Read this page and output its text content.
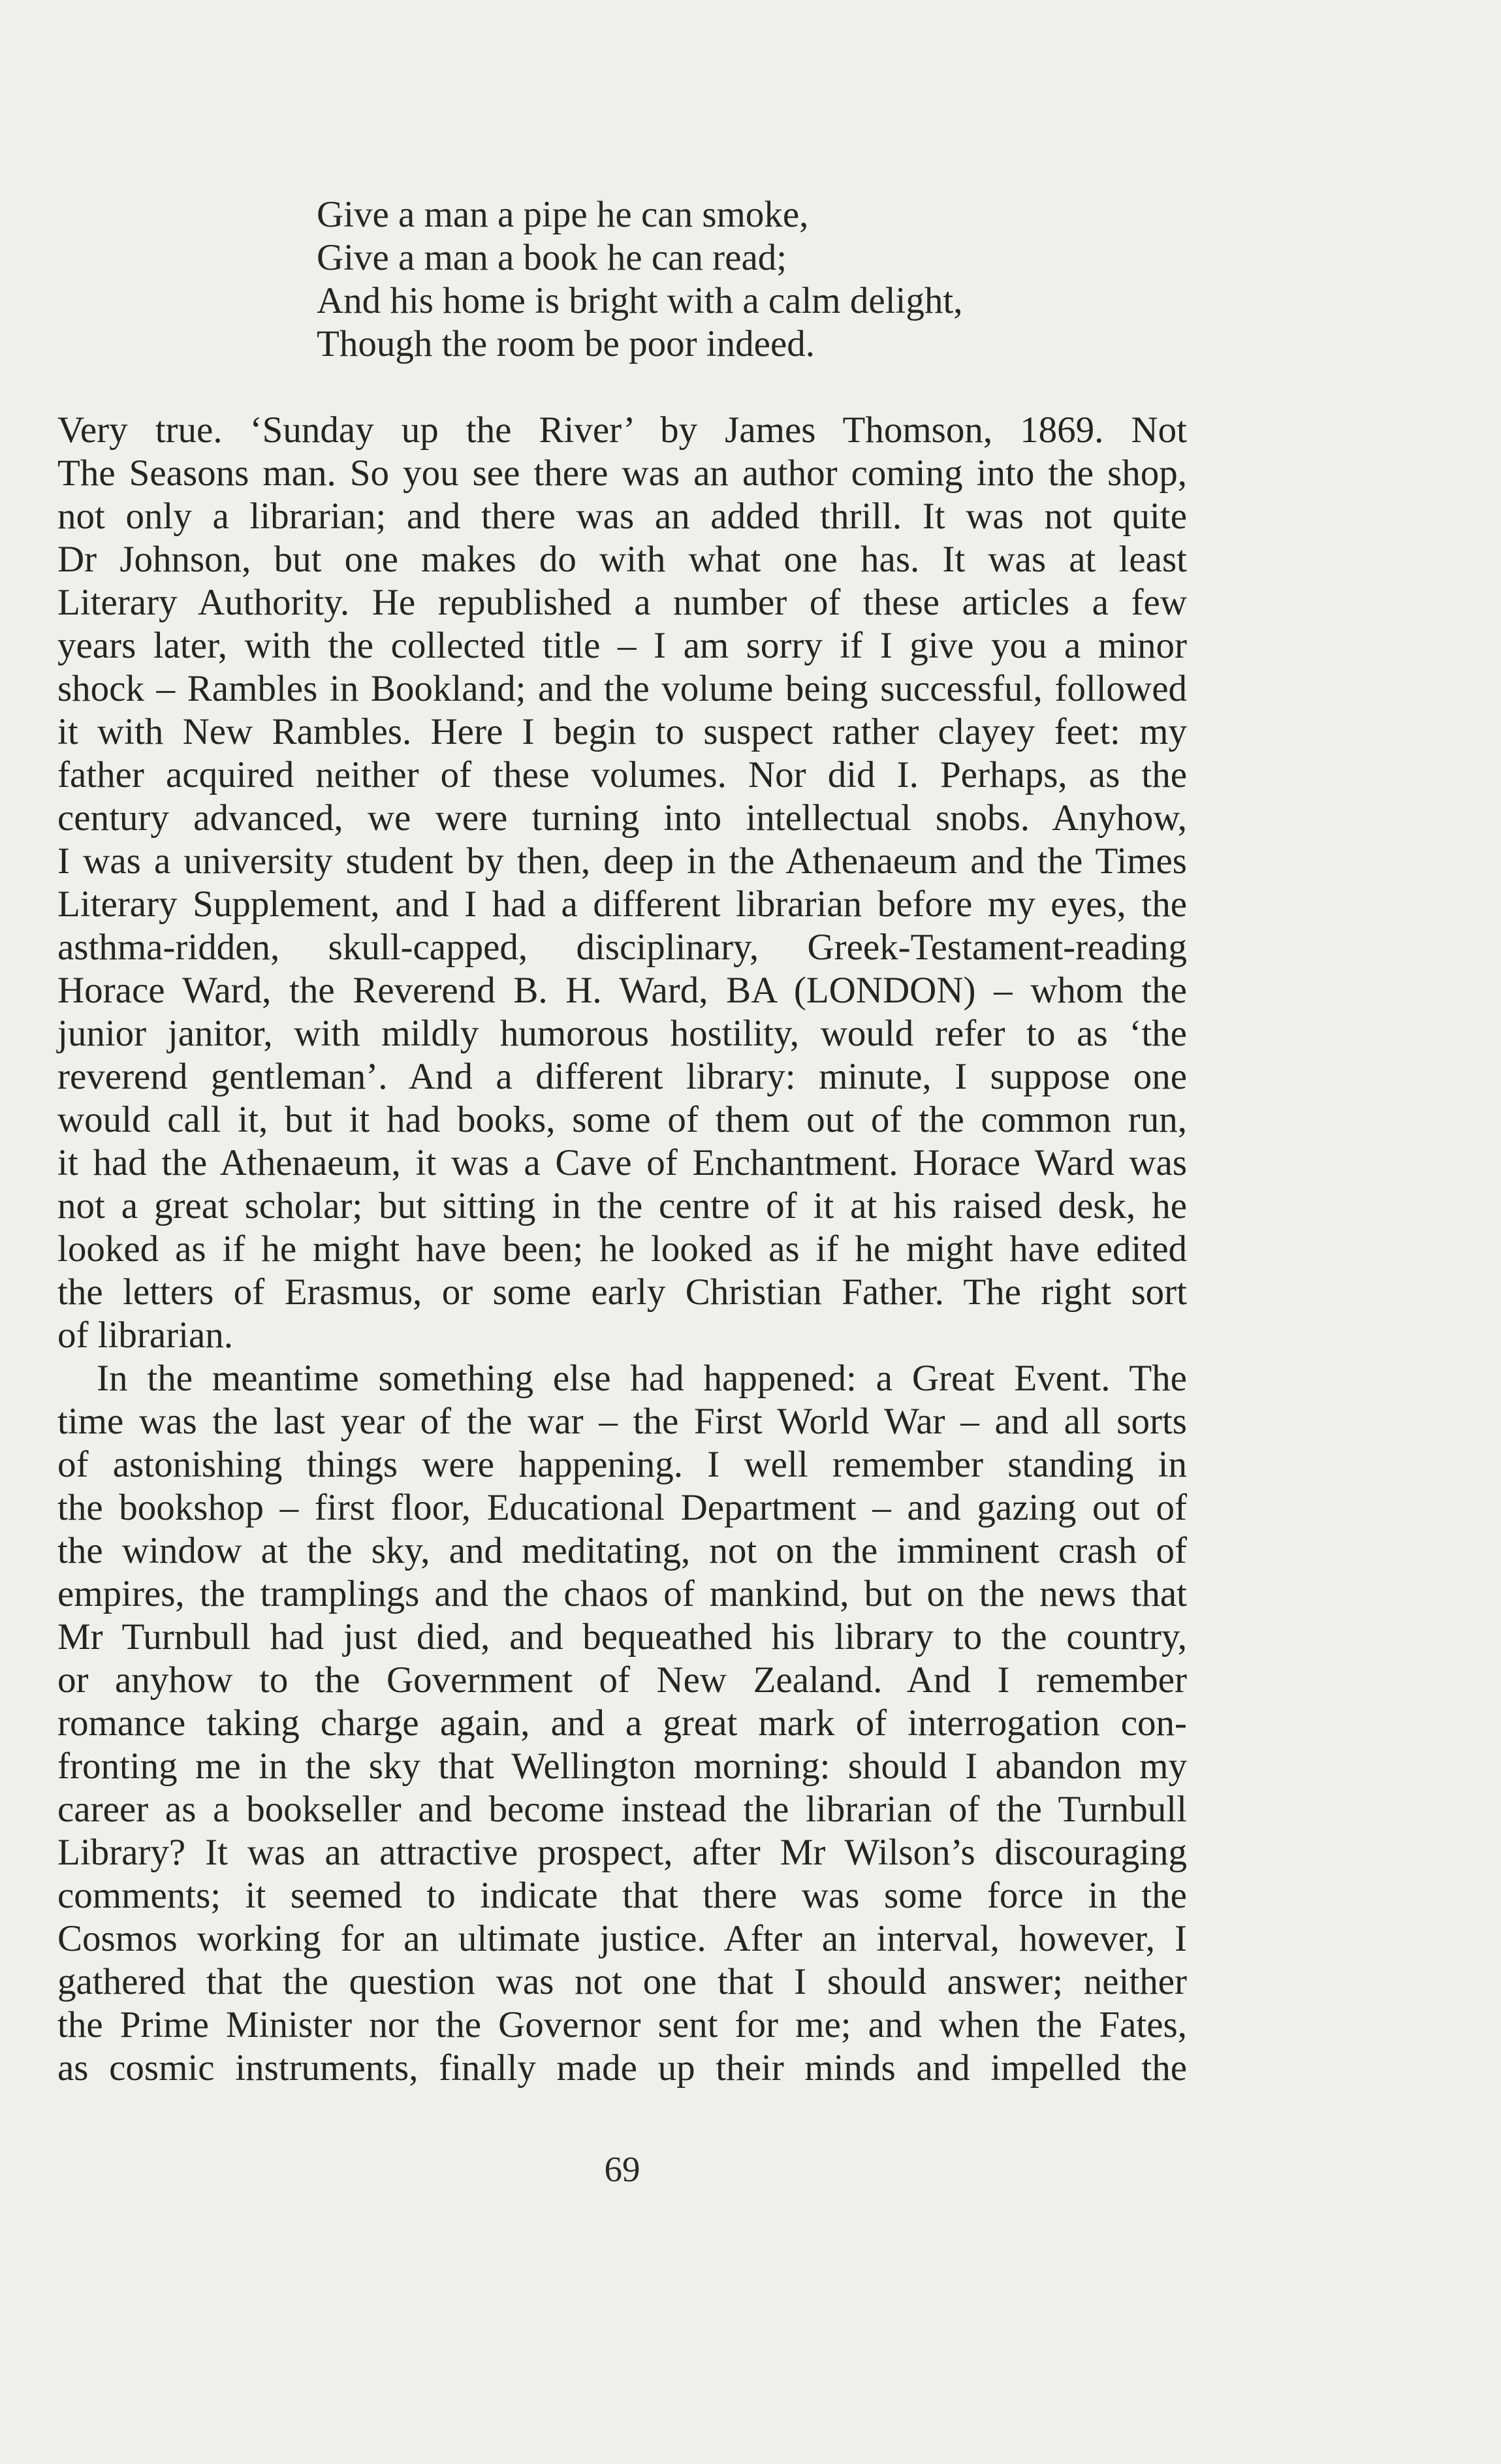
Give a man a pipe he can smoke,
Give a man a book he can read;
And his home is bright with a calm delight,
Though the room be poor indeed.
Very true. ‘Sunday up the River’ by James Thomson, 1869. Not
The Seasons man. So you see there was an author coming into the shop,
not only a librarian; and there was an added thrill. It was not quite
Dr Johnson, but one makes do with what one has. It was at least
Literary Authority. He republished a number of these articles a few
years later, with the collected title – I am sorry if I give you a minor
shock – Rambles in Bookland; and the volume being successful, followed
it with New Rambles. Here I begin to suspect rather clayey feet: my
father acquired neither of these volumes. Nor did I. Perhaps, as the
century advanced, we were turning into intellectual snobs. Anyhow,
I was a university student by then, deep in the Athenaeum and the Times
Literary Supplement, and I had a different librarian before my eyes, the
asthma-ridden, skull-capped, disciplinary, Greek-Testament-reading
Horace Ward, the Reverend B. H. Ward, BA (LONDON) – whom the
junior janitor, with mildly humorous hostility, would refer to as ‘the
reverend gentleman’. And a different library: minute, I suppose one
would call it, but it had books, some of them out of the common run,
it had the Athenaeum, it was a Cave of Enchantment. Horace Ward was
not a great scholar; but sitting in the centre of it at his raised desk, he
looked as if he might have been; he looked as if he might have edited
the letters of Erasmus, or some early Christian Father. The right sort
of librarian.
In the meantime something else had happened: a Great Event. The
time was the last year of the war – the First World War – and all sorts
of astonishing things were happening. I well remember standing in
the bookshop – first floor, Educational Department – and gazing out of
the window at the sky, and meditating, not on the imminent crash of
empires, the tramplings and the chaos of mankind, but on the news that
Mr Turnbull had just died, and bequeathed his library to the country,
or anyhow to the Government of New Zealand. And I remember
romance taking charge again, and a great mark of interrogation con-
fronting me in the sky that Wellington morning: should I abandon my
career as a bookseller and become instead the librarian of the Turnbull
Library? It was an attractive prospect, after Mr Wilson’s discouraging
comments; it seemed to indicate that there was some force in the
Cosmos working for an ultimate justice. After an interval, however, I
gathered that the question was not one that I should answer; neither
the Prime Minister nor the Governor sent for me; and when the Fates,
as cosmic instruments, finally made up their minds and impelled the
69
